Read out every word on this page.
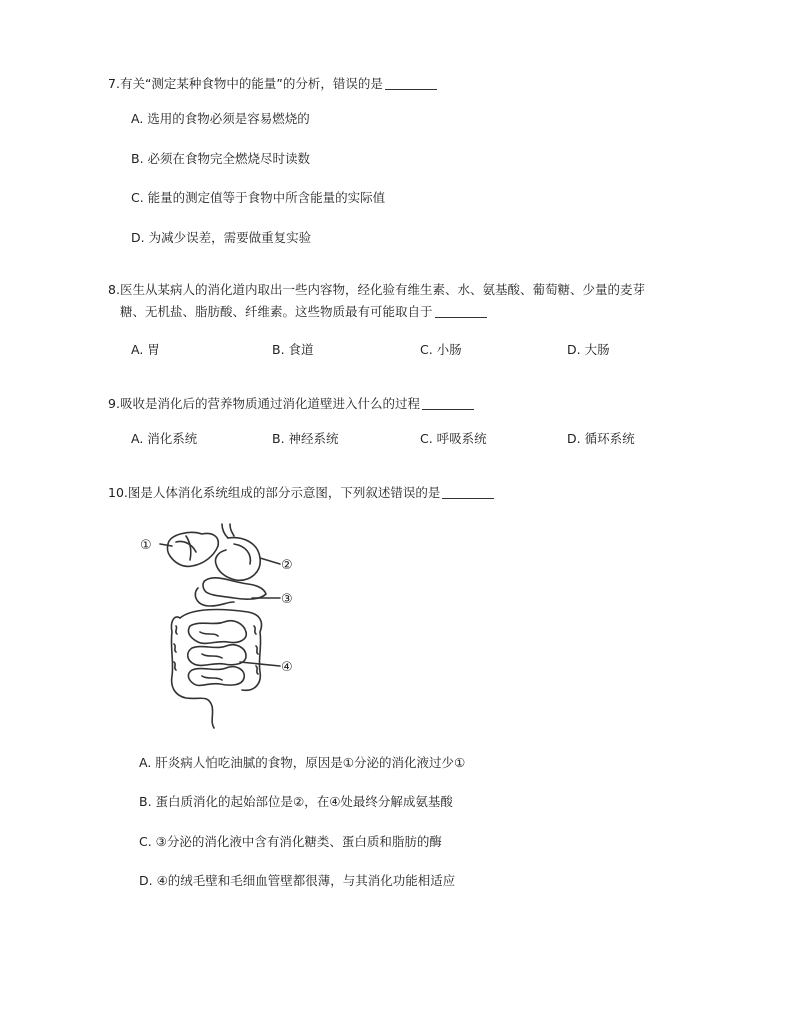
7.有关“测定某种食物中的能量”的分析，错误的是
A. 选用的食物必须是容易燃烧的
B. 必须在食物完全燃烧尽时读数
C. 能量的测定值等于食物中所含能量的实际值
D. 为减少误差，需要做重复实验
8.医生从某病人的消化道内取出一些内容物，经化验有维生素、水、氨基酸、葡萄糖、少量的麦芽
糖、无机盐、脂肪酸、纤维素。这些物质最有可能取自于
A. 胃	B. 食道	C. 小肠	D. 大肠
9.吸收是消化后的营养物质通过消化道壁进入什么的过程
A. 消化系统	B. 神经系统	C. 呼吸系统	D. 循环系统
10.图是人体消化系统组成的部分示意图，下列叙述错误的是
①
②
③
④
A. 肝炎病人怕吃油腻的食物，原因是①分泌的消化液过少①
B. 蛋白质消化的起始部位是②，在④处最终分解成氨基酸
C. ③分泌的消化液中含有消化糖类、蛋白质和脂肪的酶
D. ④的绒毛壁和毛细血管壁都很薄，与其消化功能相适应
